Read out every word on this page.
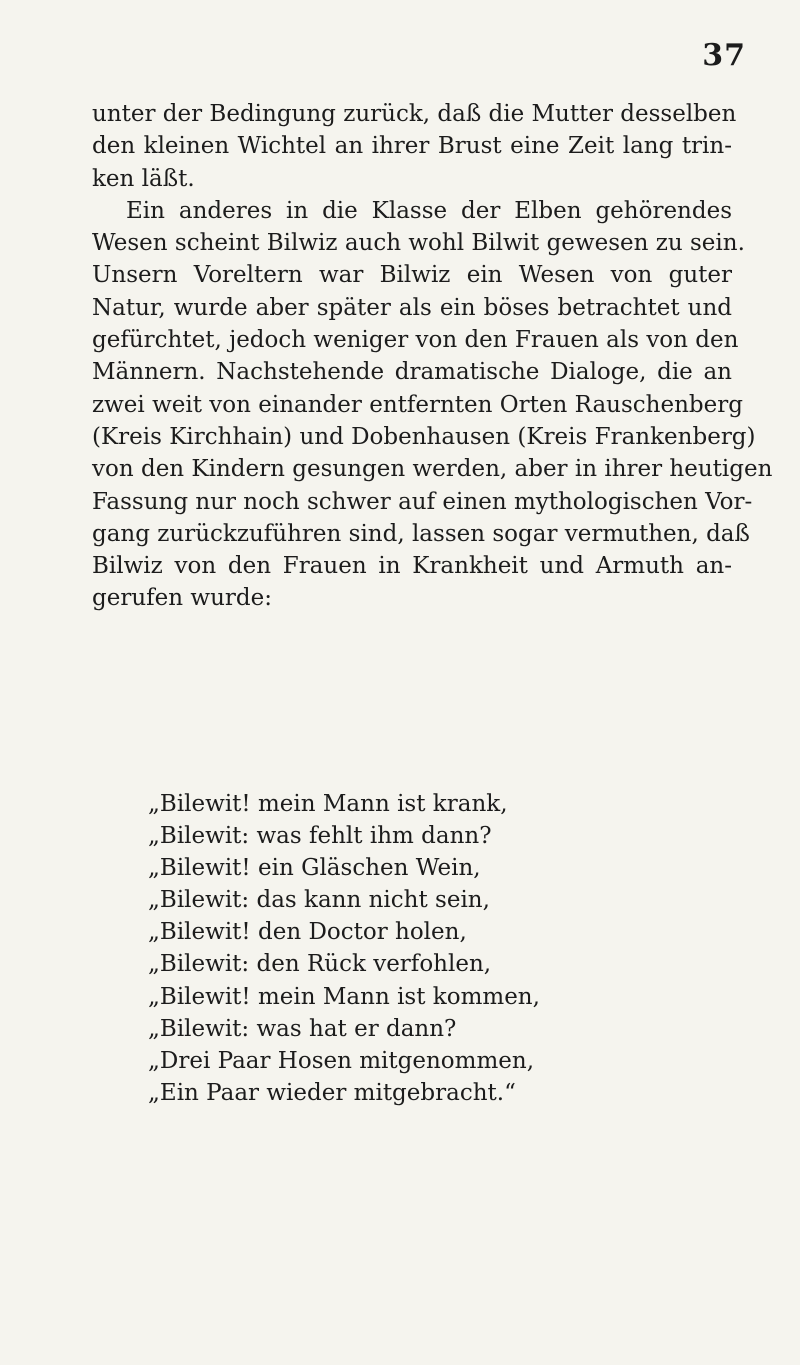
37
unter der Bedingung zurück, daß die Mutter desselben
den kleinen Wichtel an ihrer Brust eine Zeit lang trin-
ken läßt.
Ein anderes in die Klasse der Elben gehörendes
Wesen scheint Bilwiz auch wohl Bilwit gewesen zu sein.
Unsern Voreltern war Bilwiz ein Wesen von guter
Natur, wurde aber später als ein böses betrachtet und
gefürchtet, jedoch weniger von den Frauen als von den
Männern. Nachstehende dramatische Dialoge, die an
zwei weit von einander entfernten Orten Rauschenberg
(Kreis Kirchhain) und Dobenhausen (Kreis Frankenberg)
von den Kindern gesungen werden, aber in ihrer heutigen
Fassung nur noch schwer auf einen mythologischen Vor-
gang zurückzuführen sind, lassen sogar vermuthen, daß
Bilwiz von den Frauen in Krankheit und Armuth an-
gerufen wurde:
„Bilewit! mein Mann ist krank,
„Bilewit: was fehlt ihm dann?
„Bilewit! ein Gläschen Wein,
„Bilewit: das kann nicht sein,
„Bilewit! den Doctor holen,
„Bilewit: den Rück verfohlen,
„Bilewit! mein Mann ist kommen,
„Bilewit: was hat er dann?
„Drei Paar Hosen mitgenommen,
„Ein Paar wieder mitgebracht.“
